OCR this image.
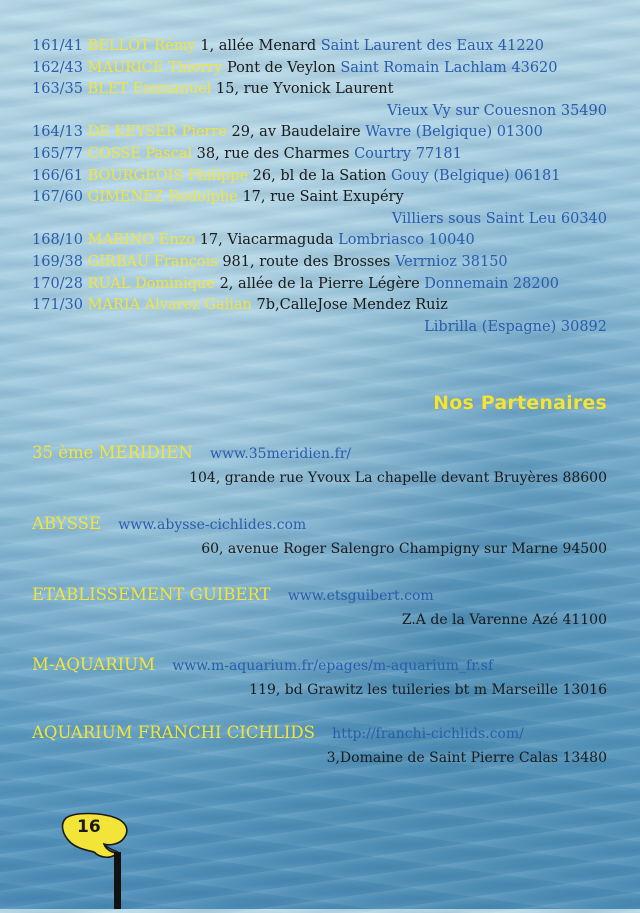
161/41 BELLOT Rémy 1, allée Menard Saint Laurent des Eaux 41220
162/43 MAURICE Thierry Pont de Veylon Saint Romain Lachlam 43620
163/35 BLET Emmanuel 15, rue Yvonick Laurent
Vieux Vy sur Couesnon 35490
164/13 DE KEYSER Pierre 29, av Baudelaire Wavre (Belgique) 01300
165/77 COSSE Pascal 38, rue des Charmes Courtry 77181
166/61 BOURGEOIS Philippe 26, bl de la Sation Gouy (Belgique) 06181
167/60 GIMENEZ Rodolphe 17, rue Saint Exupéry
Villiers sous Saint Leu 60340
168/10 MARINO Enzo 17, Viacarmaguda Lombriasco 10040
169/38 GIRBAU François 981, route des Brosses Verrnioz 38150
170/28 RUAL Dominique 2, allée de la Pierre Légère Donnemain 28200
171/30 MARIA Alvarez Galian 7b,CalleJose Mendez Ruiz
Librilla (Espagne) 30892
Nos Partenaires
35 ème MERIDIEN www.35meridien.fr/
104, grande rue Yvoux La chapelle devant Bruyères 88600
ABYSSE www.abysse-cichlides.com
60, avenue Roger Salengro Champigny sur Marne 94500
ETABLISSEMENT GUIBERT www.etsguibert.com
Z.A de la Varenne Azé 41100
M-AQUARIUM www.m-aquarium.fr/epages/m-aquarium_fr.sf
119, bd Grawitz les tuileries bt m Marseille 13016
AQUARIUM FRANCHI CICHLIDS http://franchi-cichlids.com/
3,Domaine de Saint Pierre Calas 13480
16
